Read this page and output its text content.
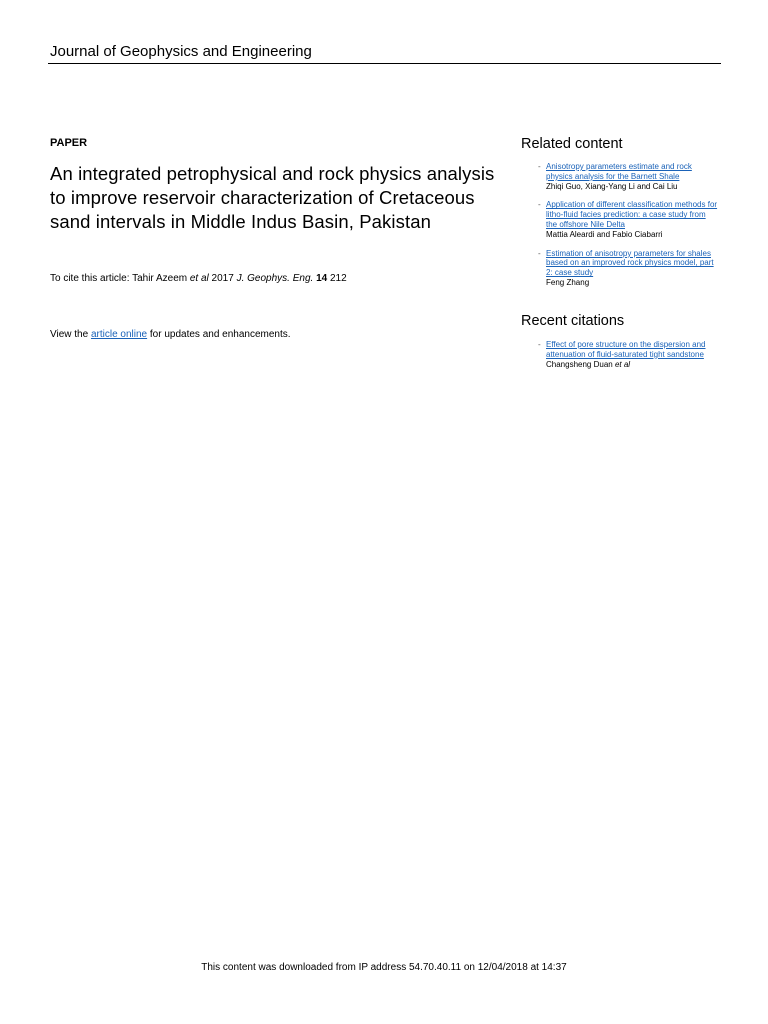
Journal of Geophysics and Engineering
PAPER
An integrated petrophysical and rock physics analysis to improve reservoir characterization of Cretaceous sand intervals in Middle Indus Basin, Pakistan
To cite this article: Tahir Azeem et al 2017 J. Geophys. Eng. 14 212
View the article online for updates and enhancements.
Related content
- Anisotropy parameters estimate and rock physics analysis for the Barnett Shale
Zhiqi Guo, Xiang-Yang Li and Cai Liu
- Application of different classification methods for litho-fluid facies prediction: a case study from the offshore Nile Delta
Mattia Aleardi and Fabio Ciabarri
- Estimation of anisotropy parameters for shales based on an improved rock physics model, part 2: case study
Feng Zhang
Recent citations
- Effect of pore structure on the dispersion and attenuation of fluid-saturated tight sandstone
Changsheng Duan et al
This content was downloaded from IP address 54.70.40.11 on 12/04/2018 at 14:37
